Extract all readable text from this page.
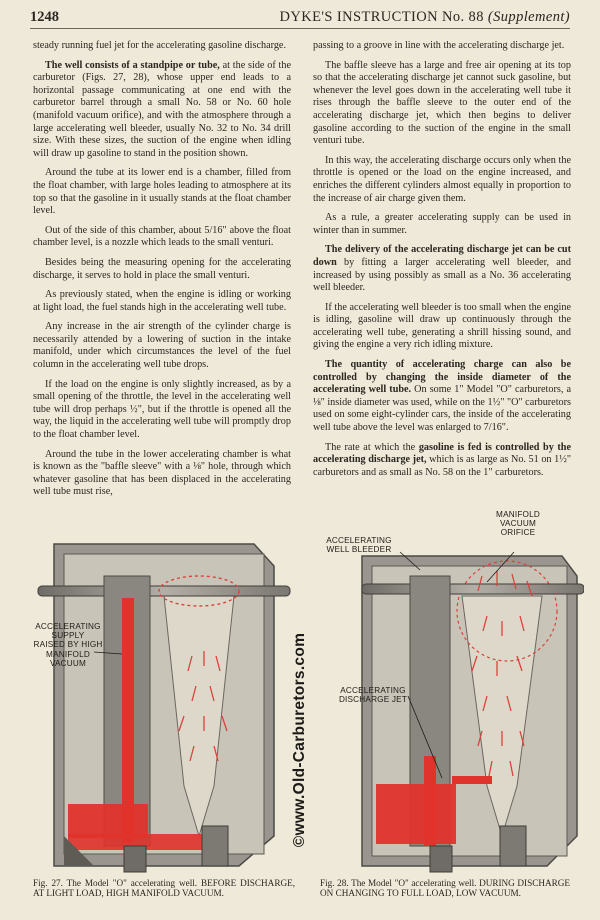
1248	DYKE'S INSTRUCTION No. 88 (Supplement)

steady running fuel jet for the accelerating gasoline discharge.

The well consists of a standpipe or tube, at the side of the carburetor (Figs. 27, 28), whose upper end leads to a horizontal passage communicating at one end with the carburetor barrel through a small No. 58 or No. 60 hole (manifold vacuum orifice), and with the atmosphere through a large accelerating well bleeder, usually No. 32 to No. 34 drill size. With these sizes, the suction of the engine when idling will draw up gasoline to stand in the position shown.

Around the tube at its lower end is a chamber, filled from the float chamber, with large holes leading to atmosphere at its top so that the gasoline in it usually stands at the float chamber level.

Out of the side of this chamber, about 5/16" above the float chamber level, is a nozzle which leads to the small venturi.

Besides being the measuring opening for the accelerating discharge, it serves to hold in place the small venturi.

As previously stated, when the engine is idling or working at light load, the fuel stands high in the accelerating well tube.

Any increase in the air strength of the cylinder charge is necessarily attended by a lowering of suction in the intake manifold, under which circumstances the level of the fuel column in the accelerating well tube drops.

If the load on the engine is only slightly increased, as by a small opening of the throttle, the level in the accelerating well tube will drop perhaps ½", but if the throttle is opened all the way, the liquid in the accelerating well tube will promptly drop to the float chamber level.

Around the tube in the lower accelerating chamber is what is known as the "baffle sleeve" with a ⅛" hole, through which whatever gasoline that has been displaced in the accelerating well tube must rise,

passing to a groove in line with the accelerating discharge jet.

The baffle sleeve has a large and free air opening at its top so that the accelerating discharge jet cannot suck gasoline, but whenever the level goes down in the accelerating well tube it rises through the baffle sleeve to the outer end of the accelerating discharge jet, which then begins to deliver gasoline according to the suction of the engine in the small venturi tube.

In this way, the accelerating discharge occurs only when the throttle is opened or the load on the engine increased, and enriches the different cylinders almost equally in proportion to the increase of air charge given them.

As a rule, a greater accelerating supply can be used in winter than in summer.

The delivery of the accelerating discharge jet can be cut down by fitting a larger accelerating well bleeder, and increased by using possibly as small as a No. 36 accelerating well bleeder.

If the accelerating well bleeder is too small when the engine is idling, gasoline will draw up continuously through the accelerating well tube, generating a shrill hissing sound, and giving the engine a very rich idling mixture.

The quantity of accelerating charge can also be controlled by changing the inside diameter of the accelerating well tube. On some 1" Model "O" carburetors, a ⅛" inside diameter was used, while on the 1½" "O" carburetors used on some eight-cylinder cars, the inside of the accelerating well tube above the level was enlarged to 7/16".

The rate at which the gasoline is fed is controlled by the accelerating discharge jet, which is as large as No. 51 on 1½" carburetors and as small as No. 58 on the 1" carburetors.

ACCELERATING
SUPPLY
RAISED BY HIGH
MANIFOLD VACUUM	©www.Old-Carburetors.com
ACCELERATING
WELL BLEEDER
MANIFOLD
VACUUM
ORIFICE
ACCELERATING
DISCHARGE JET
Fig. 27. The Model "O" accelerating well. BEFORE DISCHARGE, AT LIGHT LOAD, HIGH MANIFOLD VACUUM.
Fig. 28. The Model "O" accelerating well. DURING DISCHARGE ON CHANGING TO FULL LOAD, LOW VACUUM.
